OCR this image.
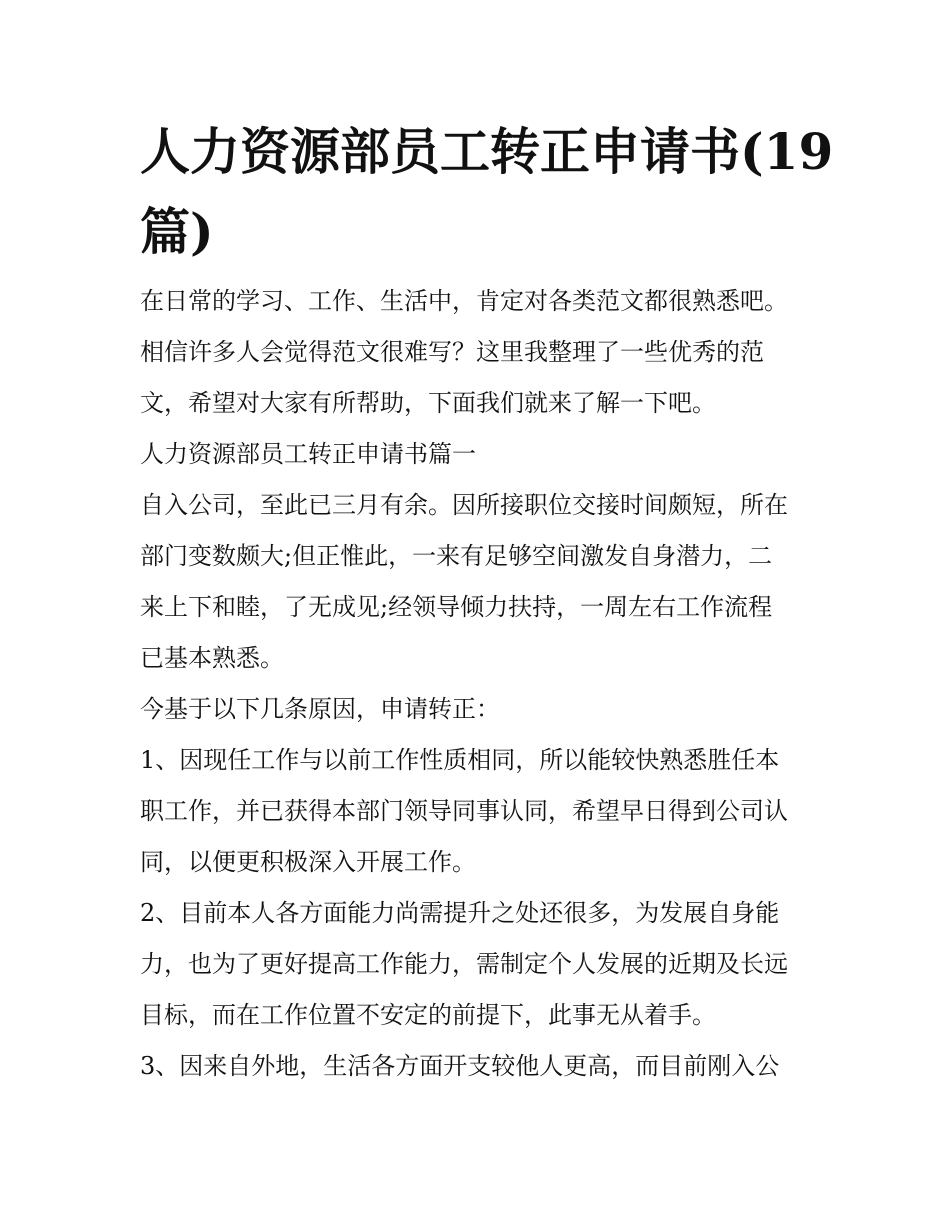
人力资源部员工转正申请书(19
篇)
在日常的学习、工作、生活中，肯定对各类范文都很熟悉吧。
相信许多人会觉得范文很难写？这里我整理了一些优秀的范
文，希望对大家有所帮助，下面我们就来了解一下吧。
人力资源部员工转正申请书篇一
自入公司，至此已三月有余。因所接职位交接时间颇短，所在
部门变数颇大;但正惟此，一来有足够空间激发自身潜力，二
来上下和睦，了无成见;经领导倾力扶持，一周左右工作流程
已基本熟悉。
今基于以下几条原因，申请转正：
1、因现任工作与以前工作性质相同，所以能较快熟悉胜任本
职工作，并已获得本部门领导同事认同，希望早日得到公司认
同，以便更积极深入开展工作。
2、目前本人各方面能力尚需提升之处还很多，为发展自身能
力，也为了更好提高工作能力，需制定个人发展的近期及长远
目标，而在工作位置不安定的前提下，此事无从着手。
3、因来自外地，生活各方面开支较他人更高，而目前刚入公
